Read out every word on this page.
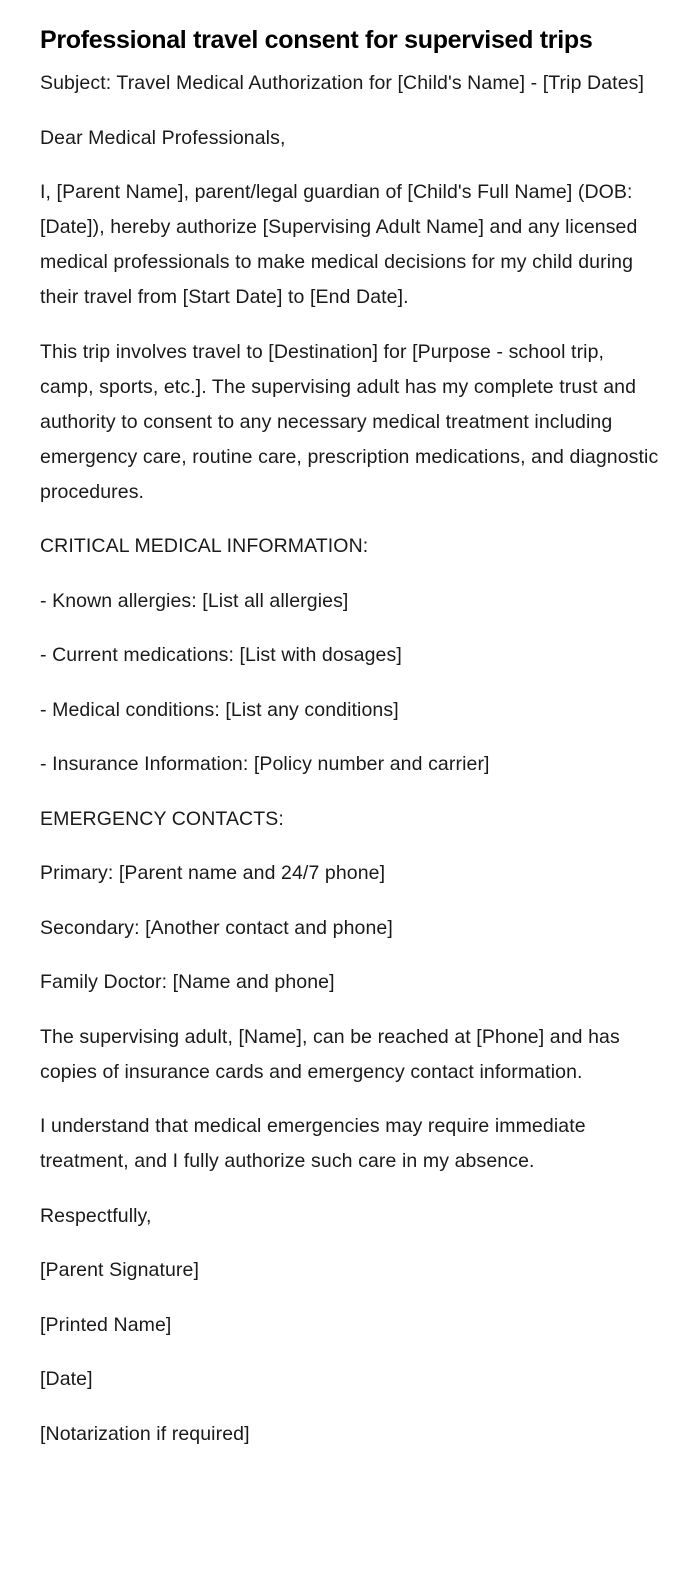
Professional travel consent for supervised trips

Subject: Travel Medical Authorization for [Child's Name] - [Trip Dates]

Dear Medical Professionals,

I, [Parent Name], parent/legal guardian of [Child's Full Name] (DOB: [Date]), hereby authorize [Supervising Adult Name] and any licensed medical professionals to make medical decisions for my child during their travel from [Start Date] to [End Date].

This trip involves travel to [Destination] for [Purpose - school trip, camp, sports, etc.]. The supervising adult has my complete trust and authority to consent to any necessary medical treatment including emergency care, routine care, prescription medications, and diagnostic procedures.

CRITICAL MEDICAL INFORMATION:

- Known allergies: [List all allergies]

- Current medications: [List with dosages]

- Medical conditions: [List any conditions]

- Insurance Information: [Policy number and carrier]

EMERGENCY CONTACTS:

Primary: [Parent name and 24/7 phone]

Secondary: [Another contact and phone]

Family Doctor: [Name and phone]

The supervising adult, [Name], can be reached at [Phone] and has copies of insurance cards and emergency contact information.

I understand that medical emergencies may require immediate treatment, and I fully authorize such care in my absence.

Respectfully,

[Parent Signature]

[Printed Name]

[Date]

[Notarization if required]
